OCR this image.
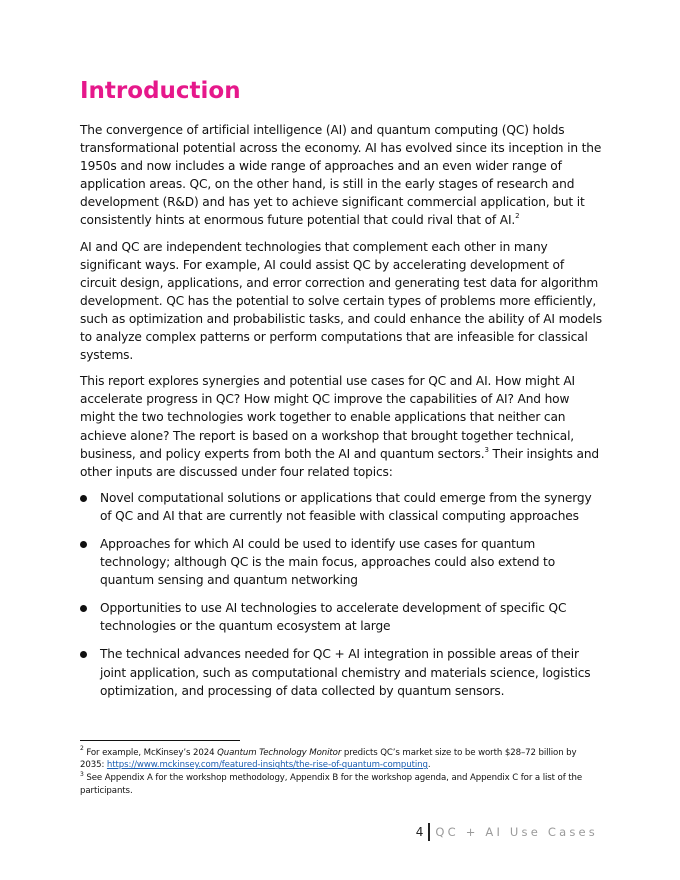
Introduction

The convergence of artificial intelligence (AI) and quantum computing (QC) holds transformational potential across the economy. AI has evolved since its inception in the 1950s and now includes a wide range of approaches and an even wider range of application areas. QC, on the other hand, is still in the early stages of research and development (R&D) and has yet to achieve significant commercial application, but it consistently hints at enormous future potential that could rival that of AI.$^2$

AI and QC are independent technologies that complement each other in many significant ways. For example, AI could assist QC by accelerating development of circuit design, applications, and error correction and generating test data for algorithm development. QC has the potential to solve certain types of problems more efficiently, such as optimization and probabilistic tasks, and could enhance the ability of AI models to analyze complex patterns or perform computations that are infeasible for classical systems.

This report explores synergies and potential use cases for QC and AI. How might AI accelerate progress in QC? How might QC improve the capabilities of AI? And how might the two technologies work together to enable applications that neither can achieve alone? The report is based on a workshop that brought together technical, business, and policy experts from both the AI and quantum sectors.$^3$ Their insights and other inputs are discussed under four related topics:

Novel computational solutions or applications that could emerge from the synergy of QC and AI that are currently not feasible with classical computing approaches
Approaches for which AI could be used to identify use cases for quantum technology; although QC is the main focus, approaches could also extend to quantum sensing and quantum networking
Opportunities to use AI technologies to accelerate development of specific QC technologies or the quantum ecosystem at large
The technical advances needed for QC + AI integration in possible areas of their joint application, such as computational chemistry and materials science, logistics optimization, and processing of data collected by quantum sensors.

$^2$ For example, McKinsey’s 2024 Quantum Technology Monitor predicts QC’s market size to be worth $28–72 billion by 2035: https://www.mckinsey.com/featured-insights/the-rise-of-quantum-computing.

$^3$ See Appendix A for the workshop methodology, Appendix B for the workshop agenda, and Appendix C for a list of the participants.

4 QC + AI Use Cases
